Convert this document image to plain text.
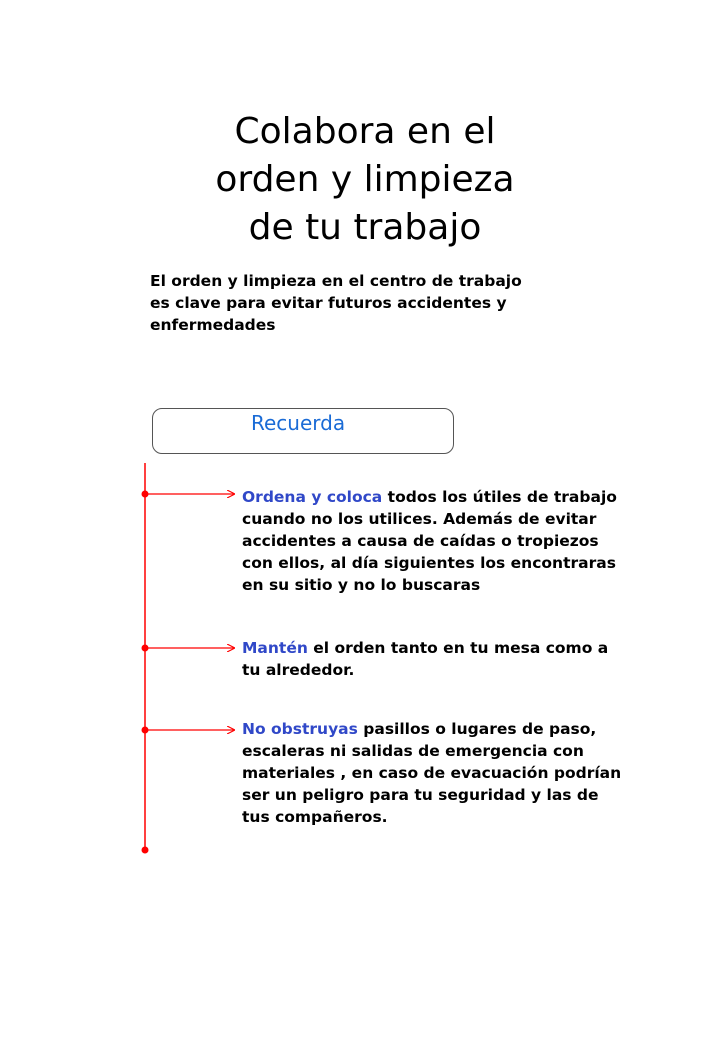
Colabora en el
orden y limpieza
de tu trabajo
El orden y limpieza en el centro de trabajo
es clave para evitar futuros accidentes y
enfermedades
Recuerda
Ordena y coloca todos los útiles de trabajo
cuando no los utilices. Además de evitar
accidentes a causa de caídas o tropiezos
con ellos, al día siguientes los encontraras
en su sitio y no lo buscaras
Mantén el orden tanto en tu mesa como a
tu alrededor.
No obstruyas pasillos o lugares de paso,
escaleras ni salidas de emergencia con
materiales , en caso de evacuación podrían
ser un peligro para tu seguridad y las de
tus compañeros.
